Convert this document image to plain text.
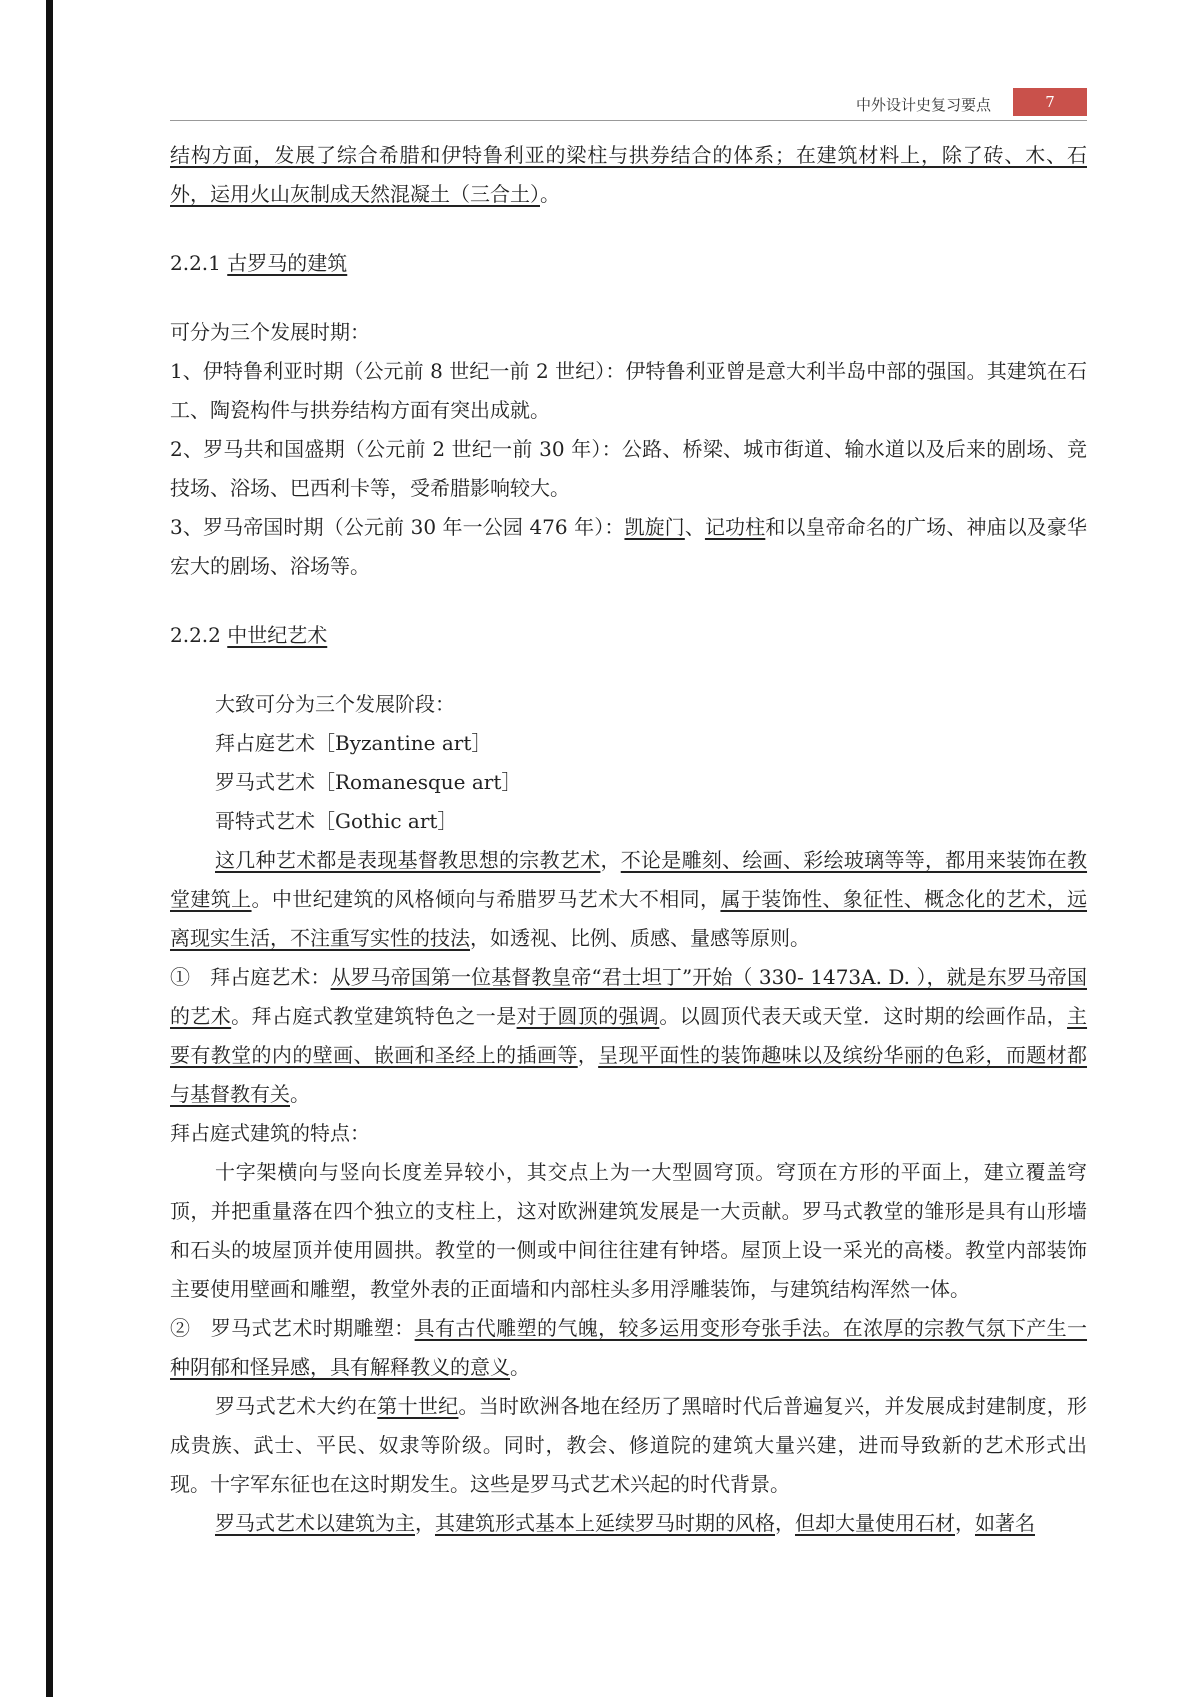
中外设计史复习要点	7

结构方面，发展了综合希腊和伊特鲁利亚的梁柱与拱券结合的体系；在建筑材料上，除了砖、木、石外，运用火山灰制成天然混凝土（三合土）。

2.2.1 古罗马的建筑

可分为三个发展时期：

1、伊特鲁利亚时期（公元前 8 世纪一前 2 世纪）：伊特鲁利亚曾是意大利半岛中部的强国。其建筑在石工、陶瓷构件与拱券结构方面有突出成就。

2、罗马共和国盛期（公元前 2 世纪一前 30 年）：公路、桥梁、城市街道、输水道以及后来的剧场、竞技场、浴场、巴西利卡等，受希腊影响较大。

3、罗马帝国时期（公元前 30 年一公园 476 年）：凯旋门、记功柱和以皇帝命名的广场、神庙以及豪华宏大的剧场、浴场等。

2.2.2 中世纪艺术

大致可分为三个发展阶段：

拜占庭艺术［Byzantine art］

罗马式艺术［Romanesque art］

哥特式艺术［Gothic art］

这几种艺术都是表现基督教思想的宗教艺术，不论是雕刻、绘画、彩绘玻璃等等，都用来装饰在教堂建筑上。中世纪建筑的风格倾向与希腊罗马艺术大不相同，属于装饰性、象征性、概念化的艺术，远离现实生活，不注重写实性的技法，如透视、比例、质感、量感等原则。

①　拜占庭艺术：从罗马帝国第一位基督教皇帝“君士坦丁”开始（ 330- 1473A. D. ），就是东罗马帝国的艺术。拜占庭式教堂建筑特色之一是对于圆顶的强调。以圆顶代表天或天堂．这时期的绘画作品，主要有教堂的内的壁画、嵌画和圣经上的插画等，呈现平面性的装饰趣味以及缤纷华丽的色彩，而题材都与基督教有关。

拜占庭式建筑的特点：

十字架横向与竖向长度差异较小，其交点上为一大型圆穹顶。穹顶在方形的平面上，建立覆盖穹顶，并把重量落在四个独立的支柱上，这对欧洲建筑发展是一大贡献。罗马式教堂的雏形是具有山形墙和石头的坡屋顶并使用圆拱。教堂的一侧或中间往往建有钟塔。屋顶上设一采光的高楼。教堂内部装饰主要使用壁画和雕塑，教堂外表的正面墙和内部柱头多用浮雕装饰，与建筑结构浑然一体。

②　罗马式艺术时期雕塑：具有古代雕塑的气魄，较多运用变形夸张手法。在浓厚的宗教气氛下产生一种阴郁和怪异感，具有解释教义的意义。

罗马式艺术大约在第十世纪。当时欧洲各地在经历了黑暗时代后普遍复兴，并发展成封建制度，形成贵族、武士、平民、奴隶等阶级。同时，教会、修道院的建筑大量兴建，进而导致新的艺术形式出现。十字军东征也在这时期发生。这些是罗马式艺术兴起的时代背景。

罗马式艺术以建筑为主，其建筑形式基本上延续罗马时期的风格，但却大量使用石材，如著名
